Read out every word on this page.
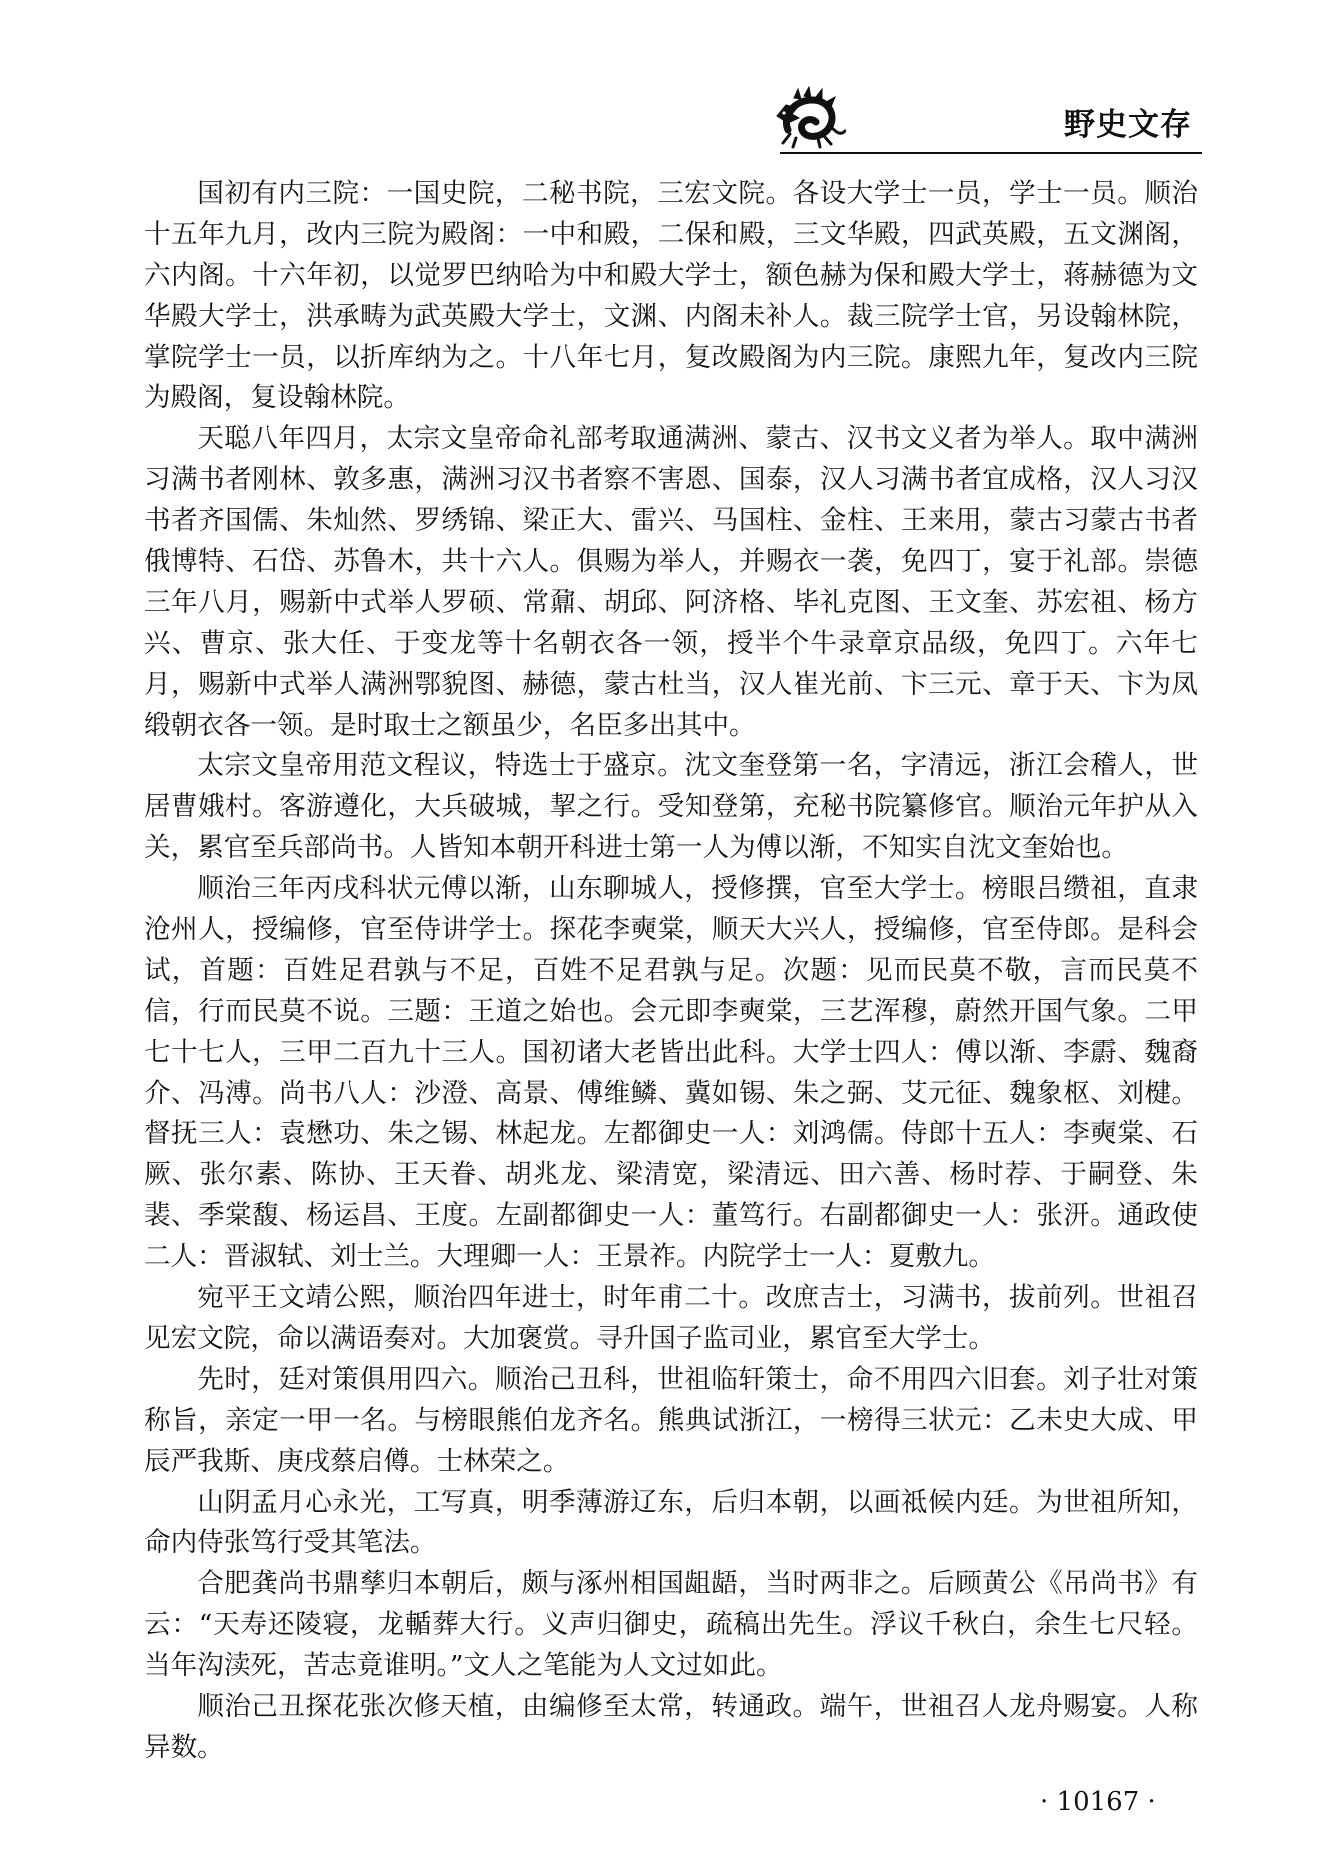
野史文存
国初有内三院：一国史院，二秘书院，三宏文院。各设大学士一员，学士一员。顺治
十五年九月，改内三院为殿阁：一中和殿，二保和殿，三文华殿，四武英殿，五文渊阁，
六内阁。十六年初，以觉罗巴纳哈为中和殿大学士，额色赫为保和殿大学士，蒋赫德为文
华殿大学士，洪承畴为武英殿大学士，文渊、内阁未补人。裁三院学士官，另设翰林院，
掌院学士一员，以折库纳为之。十八年七月，复改殿阁为内三院。康熙九年，复改内三院
为殿阁，复设翰林院。
天聪八年四月，太宗文皇帝命礼部考取通满洲、蒙古、汉书文义者为举人。取中满洲
习满书者刚林、敦多惠，满洲习汉书者察不害恩、国泰，汉人习满书者宜成格，汉人习汉
书者齐国儒、朱灿然、罗绣锦、梁正大、雷兴、马国柱、金柱、王来用，蒙古习蒙古书者
俄博特、石岱、苏鲁木，共十六人。俱赐为举人，并赐衣一袭，免四丁，宴于礼部。崇德
三年八月，赐新中式举人罗硕、常鼐、胡邱、阿济格、毕礼克图、王文奎、苏宏祖、杨方
兴、曹京、张大任、于变龙等十名朝衣各一领，授半个牛录章京品级，免四丁。六年七
月，赐新中式举人满洲鄂貌图、赫德，蒙古杜当，汉人崔光前、卞三元、章于天、卞为凤
缎朝衣各一领。是时取士之额虽少，名臣多出其中。
太宗文皇帝用范文程议，特选士于盛京。沈文奎登第一名，字清远，浙江会稽人，世
居曹娥村。客游遵化，大兵破城，挈之行。受知登第，充秘书院纂修官。顺治元年护从入
关，累官至兵部尚书。人皆知本朝开科进士第一人为傅以渐，不知实自沈文奎始也。
顺治三年丙戌科状元傅以渐，山东聊城人，授修撰，官至大学士。榜眼吕缵祖，直隶
沧州人，授编修，官至侍讲学士。探花李奭棠，顺天大兴人，授编修，官至侍郎。是科会
试，首题：百姓足君孰与不足，百姓不足君孰与足。次题：见而民莫不敬，言而民莫不
信，行而民莫不说。三题：王道之始也。会元即李奭棠，三艺浑穆，蔚然开国气象。二甲
七十七人，三甲二百九十三人。国初诸大老皆出此科。大学士四人：傅以渐、李霨、魏裔
介、冯溥。尚书八人：沙澄、高景、傅维鳞、冀如锡、朱之弼、艾元征、魏象枢、刘楗。
督抚三人：袁懋功、朱之锡、林起龙。左都御史一人：刘鸿儒。侍郎十五人：李奭棠、石
厥、张尔素、陈协、王天眷、胡兆龙、梁清宽，梁清远、田六善、杨时荐、于嗣登、朱
裴、季棠馥、杨运昌、王度。左副都御史一人：董笃行。右副都御史一人：张汧。通政使
二人：晋淑轼、刘士兰。大理卿一人：王景祚。内院学士一人：夏敷九。
宛平王文靖公熙，顺治四年进士，时年甫二十。改庶吉士，习满书，拔前列。世祖召
见宏文院，命以满语奏对。大加褒赏。寻升国子监司业，累官至大学士。
先时，廷对策俱用四六。顺治己丑科，世祖临轩策士，命不用四六旧套。刘子壮对策
称旨，亲定一甲一名。与榜眼熊伯龙齐名。熊典试浙江，一榜得三状元：乙未史大成、甲
辰严我斯、庚戌蔡启僔。士林荣之。
山阴孟月心永光，工写真，明季薄游辽东，后归本朝，以画祗候内廷。为世祖所知，
命内侍张笃行受其笔法。
合肥龚尚书鼎孳归本朝后，颇与涿州相国龃龉，当时两非之。后顾黄公《吊尚书》有
云：“天寿还陵寝，龙輴葬大行。义声归御史，疏稿出先生。浮议千秋白，余生七尺轻。
当年沟渎死，苦志竟谁明。”文人之笔能为人文过如此。
顺治己丑探花张次修天植，由编修至太常，转通政。端午，世祖召人龙舟赐宴。人称
异数。
· 10167 ·
